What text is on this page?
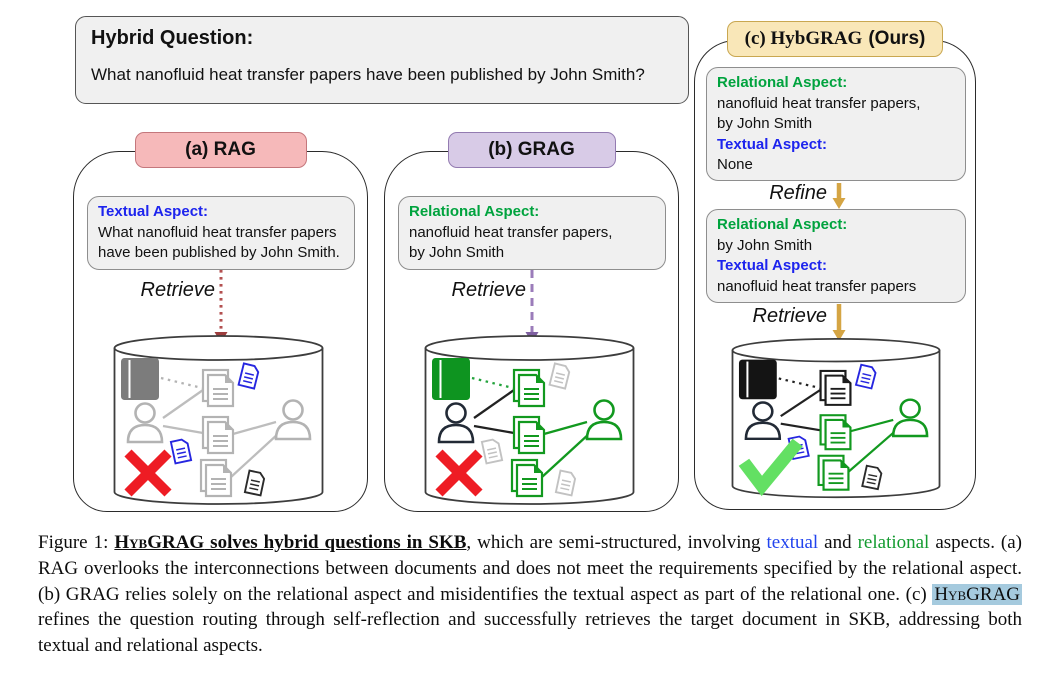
Hybrid Question:
What nanofluid heat transfer papers have been published by John Smith?
(a) RAG
Textual Aspect:
What nanofluid heat transfer papers
have been published by John Smith.
Retrieve
(b) GRAG
Relational Aspect:
nanofluid heat transfer papers,
by John Smith
Retrieve
(c) HybGRAG (Ours)
Relational Aspect:
nanofluid heat transfer papers,
by John Smith
Textual Aspect:
None
Refine
Relational Aspect:
by John Smith
Textual Aspect:
nanofluid heat transfer papers
Retrieve
Figure 1: HybGRAG solves hybrid questions in SKB, which are semi-structured, involving textual and relational aspects. (a) RAG overlooks the interconnections between documents and does not meet the requirements specified by the relational aspect. (b) GRAG relies solely on the relational aspect and misidentifies the textual aspect as part of the relational one. (c) HybGRAG refines the question routing through self-reflection and successfully retrieves the target document in SKB, addressing both textual and relational aspects.
